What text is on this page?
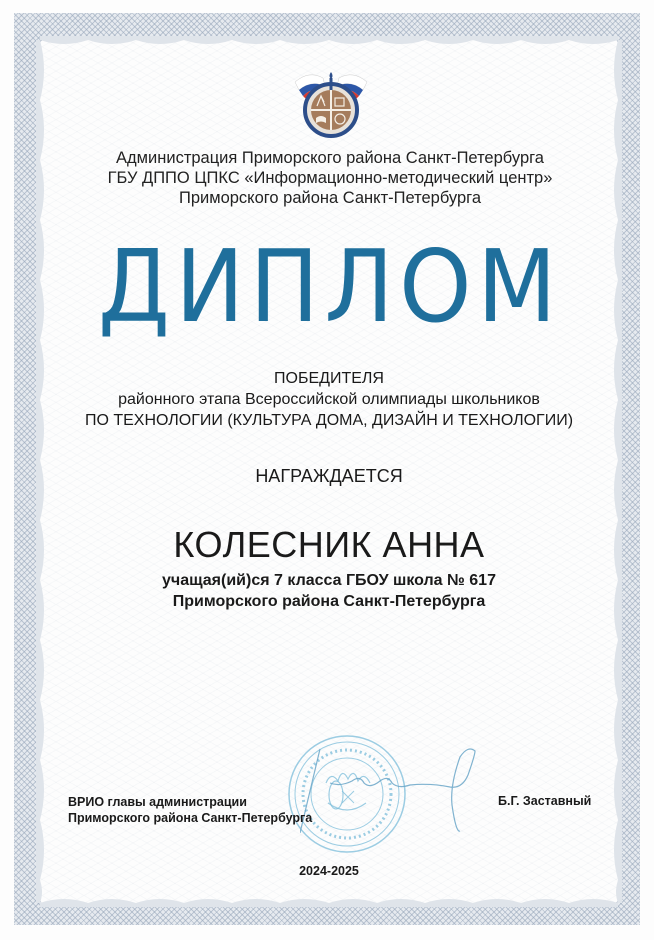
Администрация Приморского района Санкт-Петербурга
ГБУ ДППО ЦПКС «Информационно-методический центр»
Приморского района Санкт-Петербурга
ДИПЛОМ
ПОБЕДИТЕЛЯ
районного этапа Всероссийской олимпиады школьников
ПО ТЕХНОЛОГИИ (КУЛЬТУРА ДОМА, ДИЗАЙН И ТЕХНОЛОГИИ)
НАГРАЖДАЕТСЯ
КОЛЕСНИК АННА
учащая(ий)ся 7 класса ГБОУ школа № 617
Приморского района Санкт-Петербурга
ВРИО главы администрации
Приморского района Санкт-Петербурга
Б.Г. Заставный
2024-2025
